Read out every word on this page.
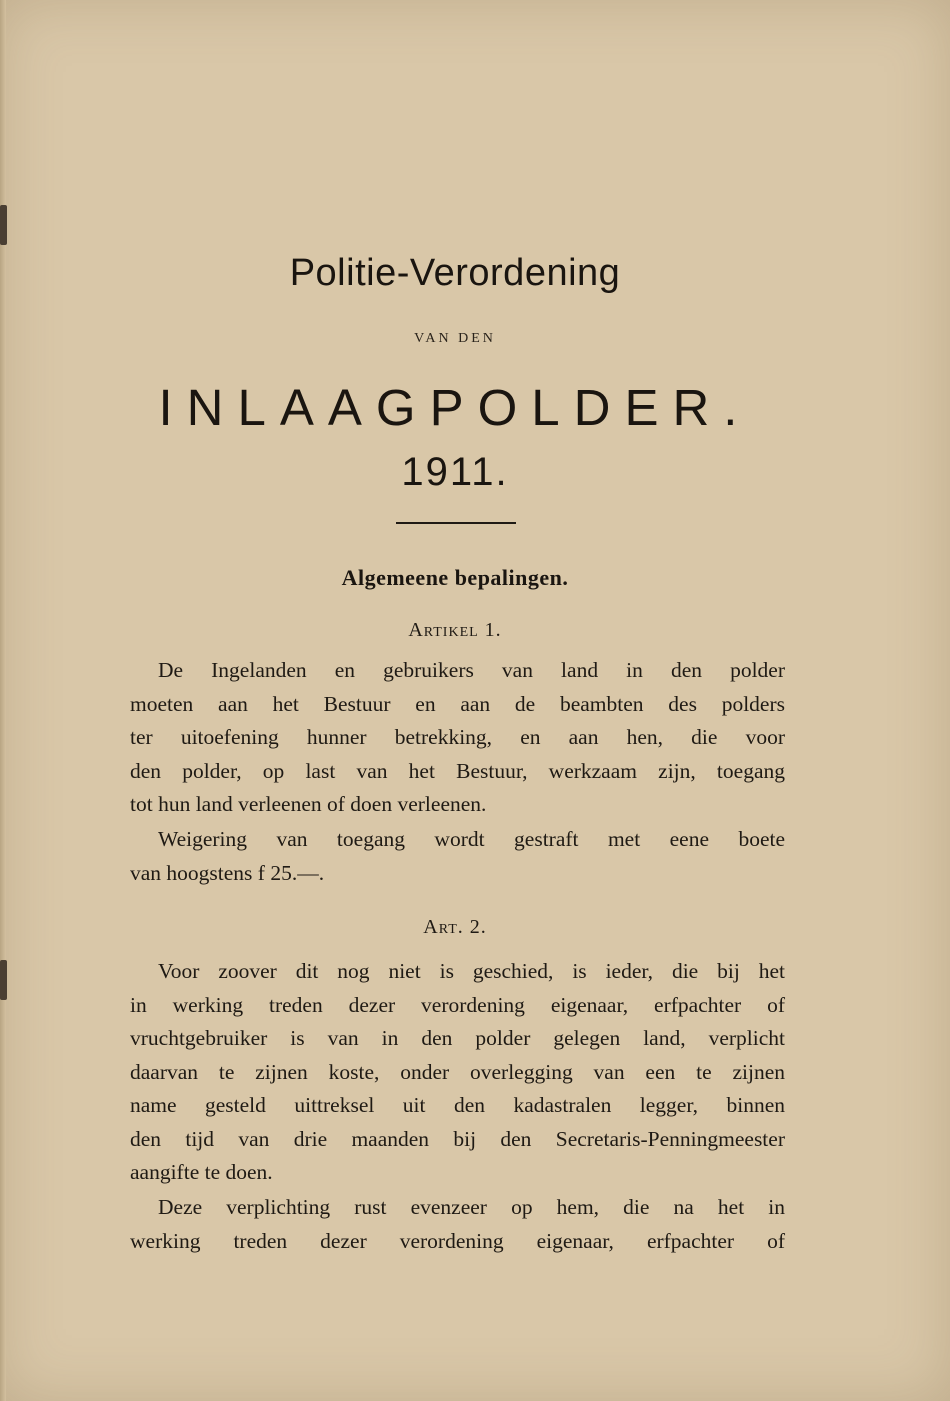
Politie-Verordening
VAN DEN
INLAAGPOLDER.
1911.
Algemeene bepalingen.
Artikel 1.
De Ingelanden en gebruikers van land in den polder
moeten aan het Bestuur en aan de beambten des polders
ter uitoefening hunner betrekking, en aan hen, die voor
den polder, op last van het Bestuur, werkzaam zijn, toegang
tot hun land verleenen of doen verleenen.
Weigering van toegang wordt gestraft met eene boete
van hoogstens f 25.—.
Art. 2.
Voor zoover dit nog niet is geschied, is ieder, die bij het
in werking treden dezer verordening eigenaar, erfpachter of
vruchtgebruiker is van in den polder gelegen land, verplicht
daarvan te zijnen koste, onder overlegging van een te zijnen
name gesteld uittreksel uit den kadastralen legger, binnen
den tijd van drie maanden bij den Secretaris-Penningmeester
aangifte te doen.
Deze verplichting rust evenzeer op hem, die na het in
werking treden dezer verordening eigenaar, erfpachter of
